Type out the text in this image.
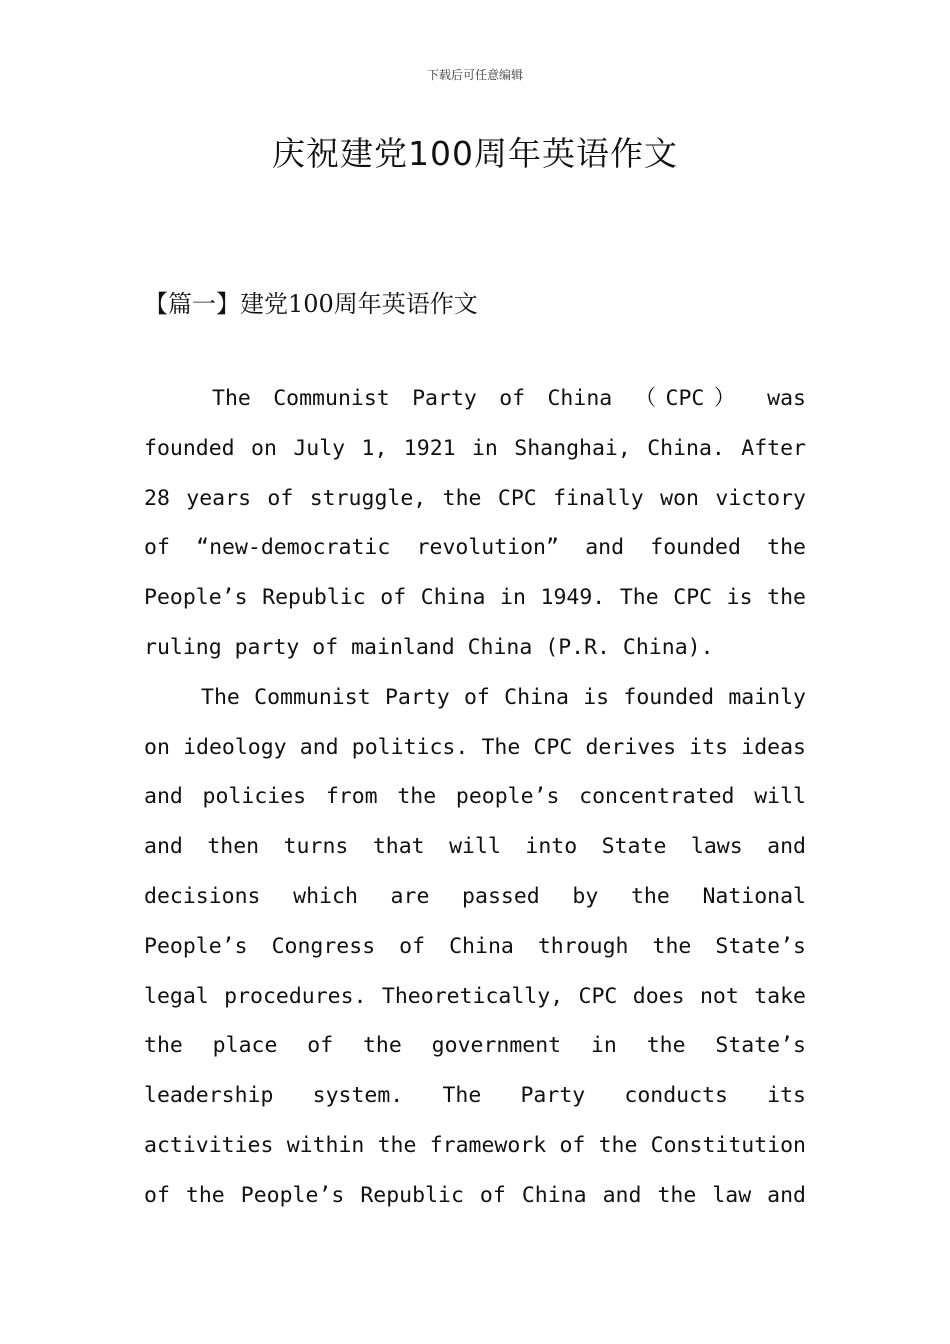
下载后可任意编辑
庆祝建党100周年英语作文
【篇一】建党100周年英语作文
The Communist Party of China （CPC） was
founded on July 1, 1921 in Shanghai, China. After
28 years of struggle, the CPC finally won victory
of “new-democratic revolution” and founded the
People’s Republic of China in 1949. The CPC is the
ruling party of mainland China (P.R. China).
The Communist Party of China is founded mainly
on ideology and politics. The CPC derives its ideas
and policies from the people’s concentrated will
and then turns that will into State laws and
decisions which are passed by the National
People’s Congress of China through the State’s
legal procedures. Theoretically, CPC does not take
the place of the government in the State’s
leadership system. The Party conducts its
activities within the framework of the Constitution
of the People’s Republic of China and the law and
